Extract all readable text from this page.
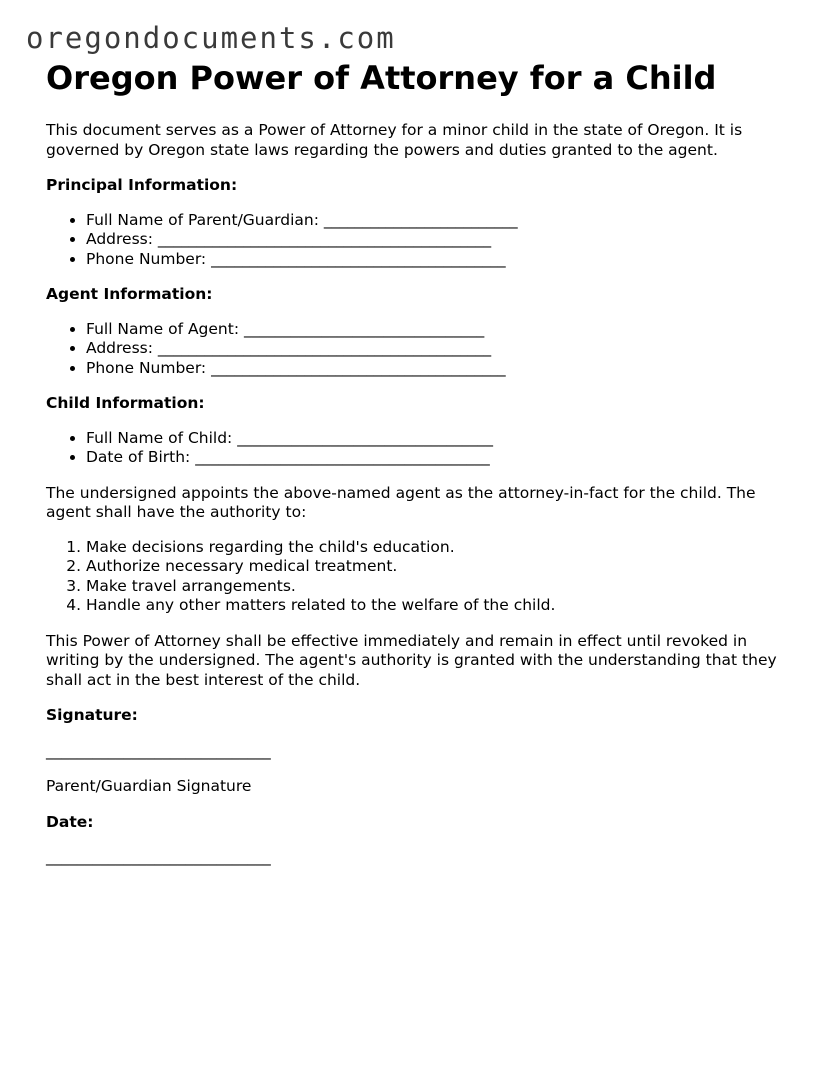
oregondocuments.com
Oregon Power of Attorney for a Child

This document serves as a Power of Attorney for a minor child in the state of Oregon. It is governed by Oregon state laws regarding the powers and duties granted to the agent.

Principal Information:
• Full Name of Parent/Guardian: _________________________
• Address: ___________________________________________
• Phone Number: ______________________________________
Agent Information:
• Full Name of Agent: _______________________________
• Address: ___________________________________________
• Phone Number: ______________________________________
Child Information:
• Full Name of Child: _________________________________
• Date of Birth: ______________________________________

The undersigned appoints the above-named agent as the attorney-in-fact for the child. The agent shall have the authority to:

1. Make decisions regarding the child's education.
2. Authorize necessary medical treatment.
3. Make travel arrangements.
4. Handle any other matters related to the welfare of the child.

This Power of Attorney shall be effective immediately and remain in effect until revoked in writing by the undersigned. The agent's authority is granted with the understanding that they shall act in the best interest of the child.

Signature:
_____________________________

Parent/Guardian Signature

Date:
_____________________________
